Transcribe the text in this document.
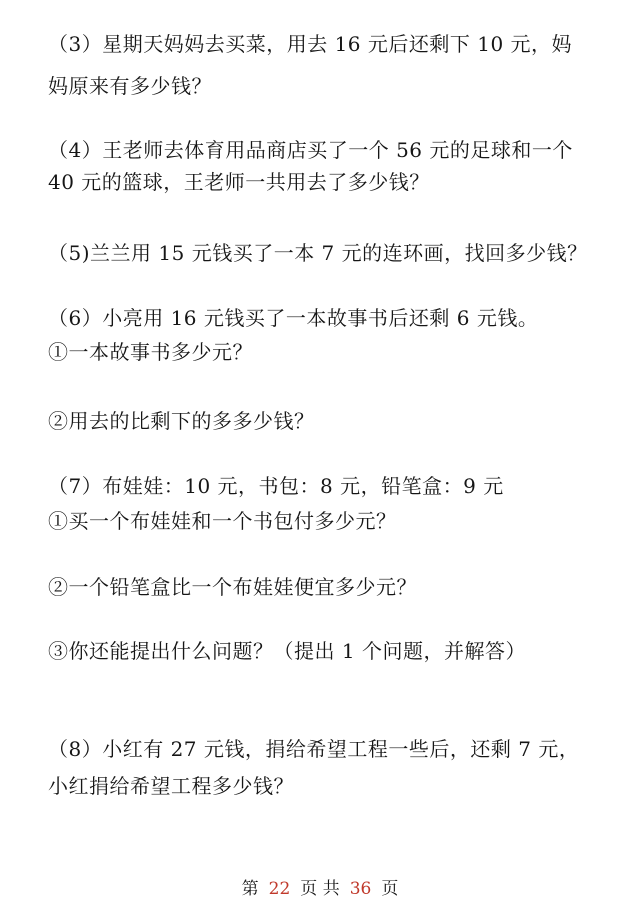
（3）星期天妈妈去买菜，用去 16 元后还剩下 10 元，妈
妈原来有多少钱？
（4）王老师去体育用品商店买了一个 56 元的足球和一个
40 元的篮球，王老师一共用去了多少钱？
（5)兰兰用 15 元钱买了一本 7 元的连环画，找回多少钱？
（6）小亮用 16 元钱买了一本故事书后还剩 6 元钱。
①一本故事书多少元？
②用去的比剩下的多多少钱？
（7）布娃娃：10 元，书包：8 元，铅笔盒：9 元
①买一个布娃娃和一个书包付多少元？
②一个铅笔盒比一个布娃娃便宜多少元？
③你还能提出什么问题？（提出 1 个问题，并解答）
（8）小红有 27 元钱，捐给希望工程一些后，还剩 7 元，
小红捐给希望工程多少钱？
第 22 页 共 36 页
